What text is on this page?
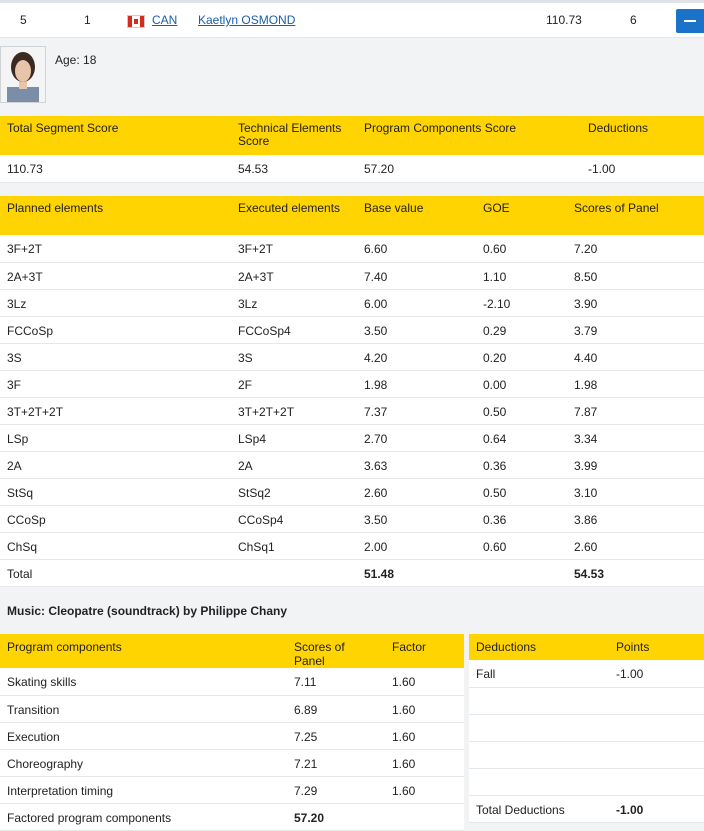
5	1	CAN Kaetlyn OSMOND	110.73	6
Age: 18
Total Segment Score	Technical Elements Score	Program Components Score	Deductions
110.73	54.53	57.20	-1.00
Planned elements	Executed elements	Base value	GOE	Scores of Panel
3F+2T	3F+2T	6.60	0.60	7.20
2A+3T	2A+3T	7.40	1.10	8.50
3Lz	3Lz	6.00	-2.10	3.90
FCCoSp	FCCoSp4	3.50	0.29	3.79
3S	3S	4.20	0.20	4.40
3F	2F	1.98	0.00	1.98
3T+2T+2T	3T+2T+2T	7.37	0.50	7.87
LSp	LSp4	2.70	0.64	3.34
2A	2A	3.63	0.36	3.99
StSq	StSq2	2.60	0.50	3.10
CCoSp	CCoSp4	3.50	0.36	3.86
ChSq	ChSq1	2.00	0.60	2.60
Total		51.48		54.53
Music: Cleopatre (soundtrack) by Philippe Chany
Program components	Scores of Panel	Factor
Skating skills	7.11	1.60
Transition	6.89	1.60
Execution	7.25	1.60
Choreography	7.21	1.60
Interpretation timing	7.29	1.60
Factored program components	57.20	
Deductions	Points
Fall	-1.00

Total Deductions	-1.00
